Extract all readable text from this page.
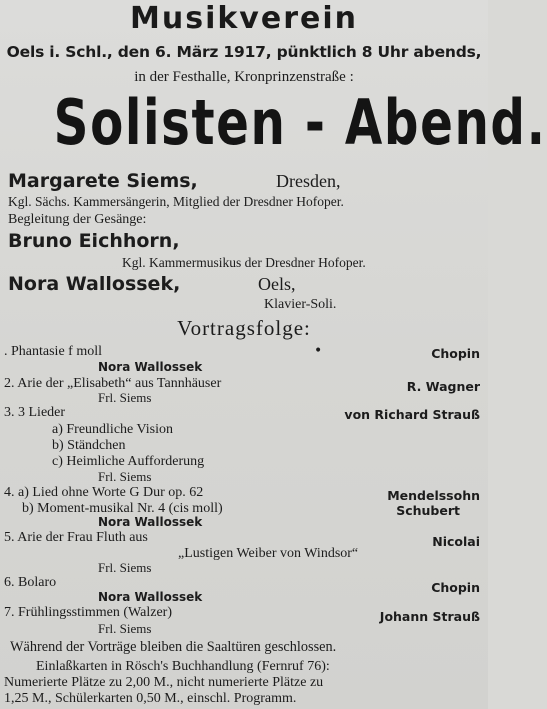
Musikverein
Oels i. Schl., den 6. März 1917, pünktlich 8 Uhr abends,
in der Festhalle, Kronprinzenstraße :
Solisten - Abend.
Margarete Siems,	Dresden,
Kgl. Sächs. Kammersängerin, Mitglied der Dresdner Hofoper.
Begleitung der Gesänge:
Bruno Eichhorn,
Kgl. Kammermusikus der Dresdner Hofoper.
Nora Wallossek,	Oels,
Klavier-Soli.
Vortragsfolge:
. Phantasie f moll	•	Chopin
Nora Wallossek
2. Arie der „Elisabeth“ aus Tannhäuser	R. Wagner
Frl. Siems
3. 3 Lieder	von Richard Strauß
a) Freundliche Vision
b) Ständchen
c) Heimliche Aufforderung
Frl. Siems
4. a) Lied ohne Worte G Dur op. 62	Mendelssohn
b) Moment-musikal Nr. 4 (cis moll)	Schubert
Nora Wallossek
5. Arie der Frau Fluth aus	Nicolai
„Lustigen Weiber von Windsor“
Frl. Siems
6. Bolaro	Chopin
Nora Wallossek
7. Frühlingsstimmen (Walzer)	Johann Strauß
Frl. Siems
Während der Vorträge bleiben die Saaltüren geschlossen.
Einlaßkarten in Rösch's Buchhandlung (Fernruf 76):
Numerierte Plätze zu 2,00 M., nicht numerierte Plätze zu
1,25 M., Schülerkarten 0,50 M., einschl. Programm.
